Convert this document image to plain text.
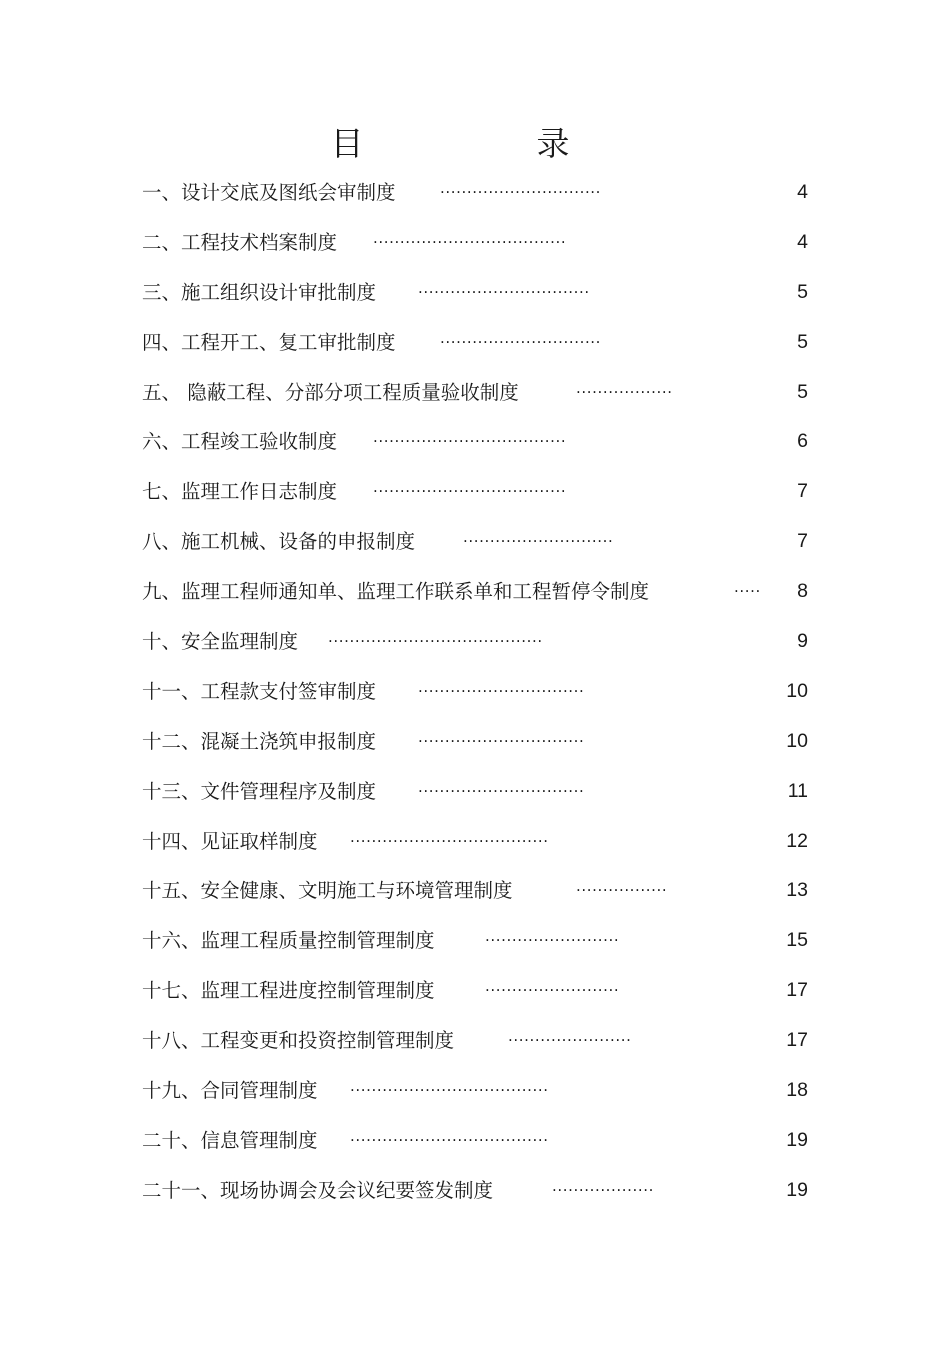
目　录
一、设计交底及图纸会审制度	..............................	4
二、工程技术档案制度 ....................................	4
三、施工组织设计审批制度	................................	5
四、工程开工、复工审批制度	..............................	5
五、 隐蔽工程、分部分项工程质量验收制度	..................	5
六、工程竣工验收制度 ....................................	6
七、监理工作日志制度 ....................................	7
八、施工机械、设备的申报制度	............................	7
九、监理工程师通知单、监理工作联系单和工程暂停令制度	..... 8
十、安全监理制度 ........................................	9
十一、工程款支付签审制度	...............................	10
十二、混凝土浇筑申报制度	...............................	10
十三、文件管理程序及制度	...............................	11
十四、见证取样制度 .....................................	12
十五、安全健康、文明施工与环境管理制度	.................	13
十六、监理工程质量控制管理制度	.........................	15
十七、监理工程进度控制管理制度	.........................	17
十八、工程变更和投资控制管理制度	.......................	17
十九、合同管理制度 .....................................	18
二十、信息管理制度 .....................................	19
二十一、现场协调会及会议纪要签发制度	...................	19
